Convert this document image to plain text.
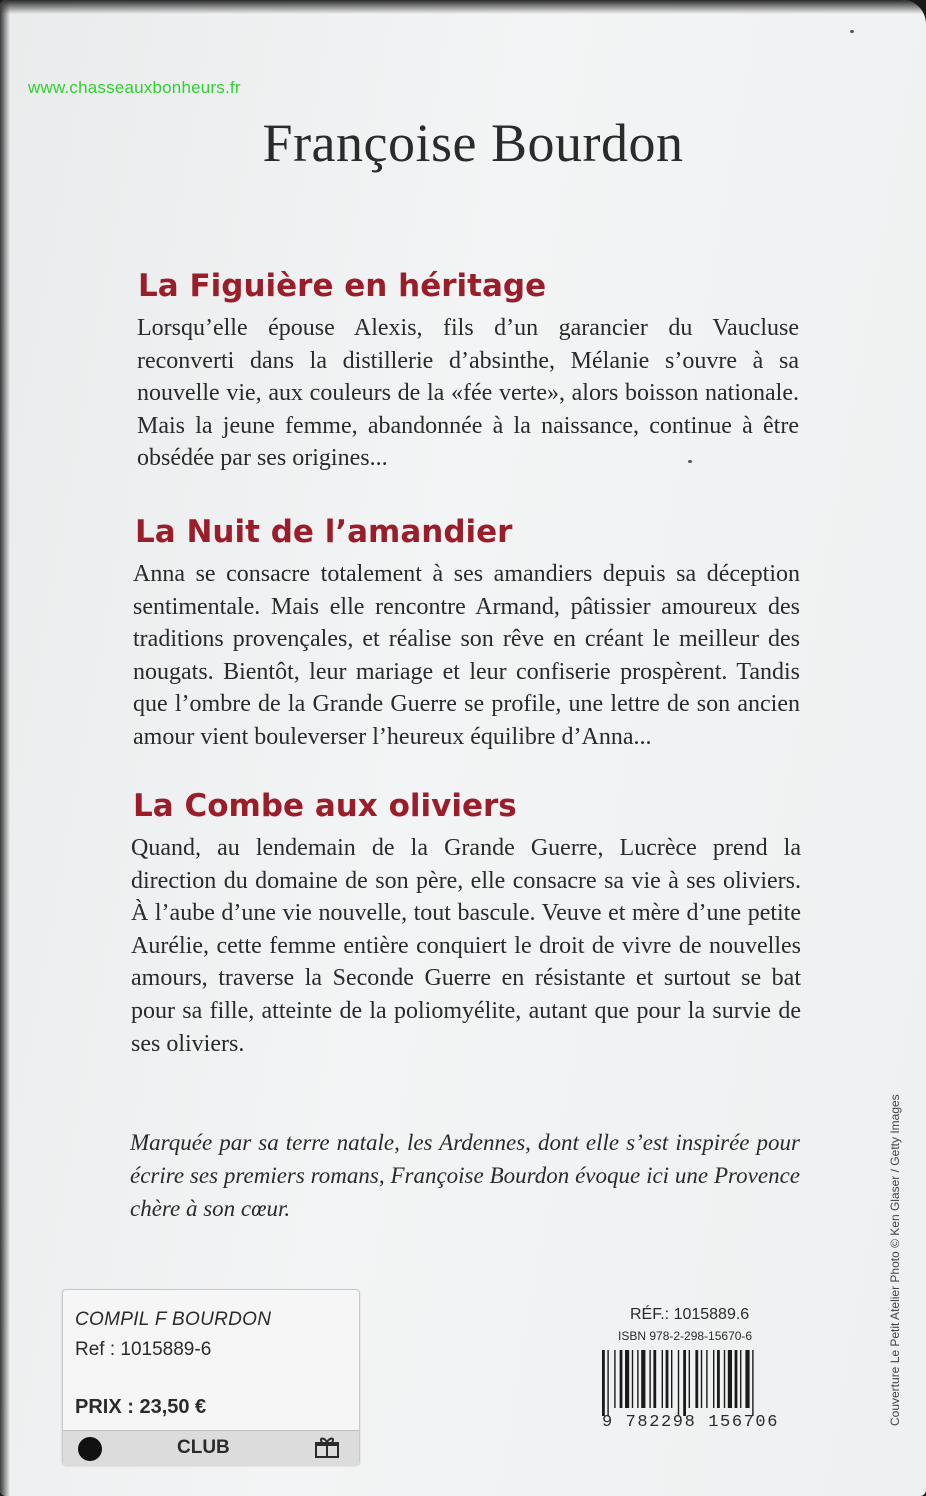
www.chasseauxbonheurs.fr
Françoise Bourdon
La Figuière en héritage

Lorsqu’elle épouse Alexis, fils d’un garancier du Vaucluse reconverti dans la distillerie d’absinthe, Mélanie s’ouvre à sa nouvelle vie, aux couleurs de la «fée verte», alors boisson nationale. Mais la jeune femme, abandonnée à la naissance, continue à être obsédée par ses origines...

La Nuit de l’amandier

Anna se consacre totalement à ses amandiers depuis sa déception sentimentale. Mais elle rencontre Armand, pâtissier amoureux des traditions provençales, et réalise son rêve en créant le meilleur des nougats. Bientôt, leur mariage et leur confiserie prospèrent. Tandis que l’ombre de la Grande Guerre se profile, une lettre de son ancien amour vient bouleverser l’heureux équilibre d’Anna...

La Combe aux oliviers

Quand, au lendemain de la Grande Guerre, Lucrèce prend la direction du domaine de son père, elle consacre sa vie à ses oliviers. À l’aube d’une vie nouvelle, tout bascule. Veuve et mère d’une petite Aurélie, cette femme entière conquiert le droit de vivre de nouvelles amours, traverse la Seconde Guerre en résistante et surtout se bat pour sa fille, atteinte de la poliomyélite, autant que pour la survie de ses oliviers.

Marquée par sa terre natale, les Ardennes, dont elle s’est inspirée pour écrire ses premiers romans, Françoise Bourdon évoque ici une Provence chère à son cœur.	Couverture Le Petit Atelier Photo © Ken Glaser / Getty Images
COMPIL F BOURDON
Ref : 1015889-6
PRIX : 23,50 €
CLUB
RÉF.: 1015889.6
ISBN 978-2-298-15670-6
9 782298 156706
